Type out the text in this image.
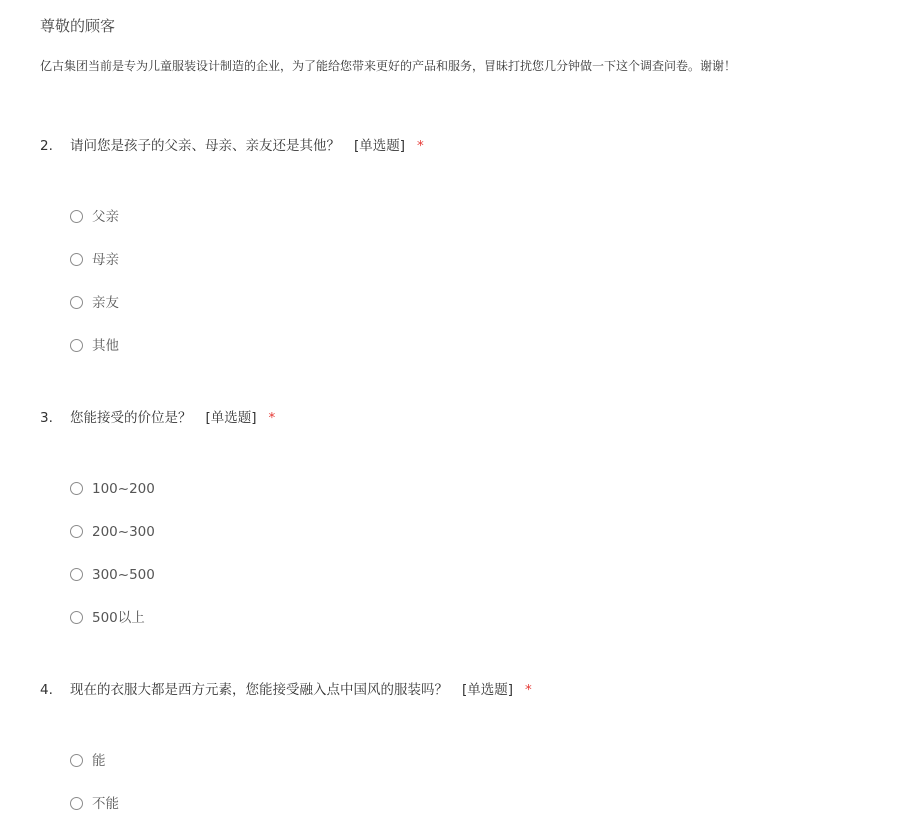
尊敬的顾客
亿古集团当前是专为儿童服装设计制造的企业，为了能给您带来更好的产品和服务，冒昧打扰您几分钟做一下这个调查问卷。谢谢！
2. 请问您是孩子的父亲、母亲、亲友还是其他？ [单选题] *
父亲
母亲
亲友
其他
3. 您能接受的价位是？ [单选题] *
100~200
200~300
300~500
500以上
4. 现在的衣服大都是西方元素，您能接受融入点中国风的服装吗？ [单选题] *
能
不能
